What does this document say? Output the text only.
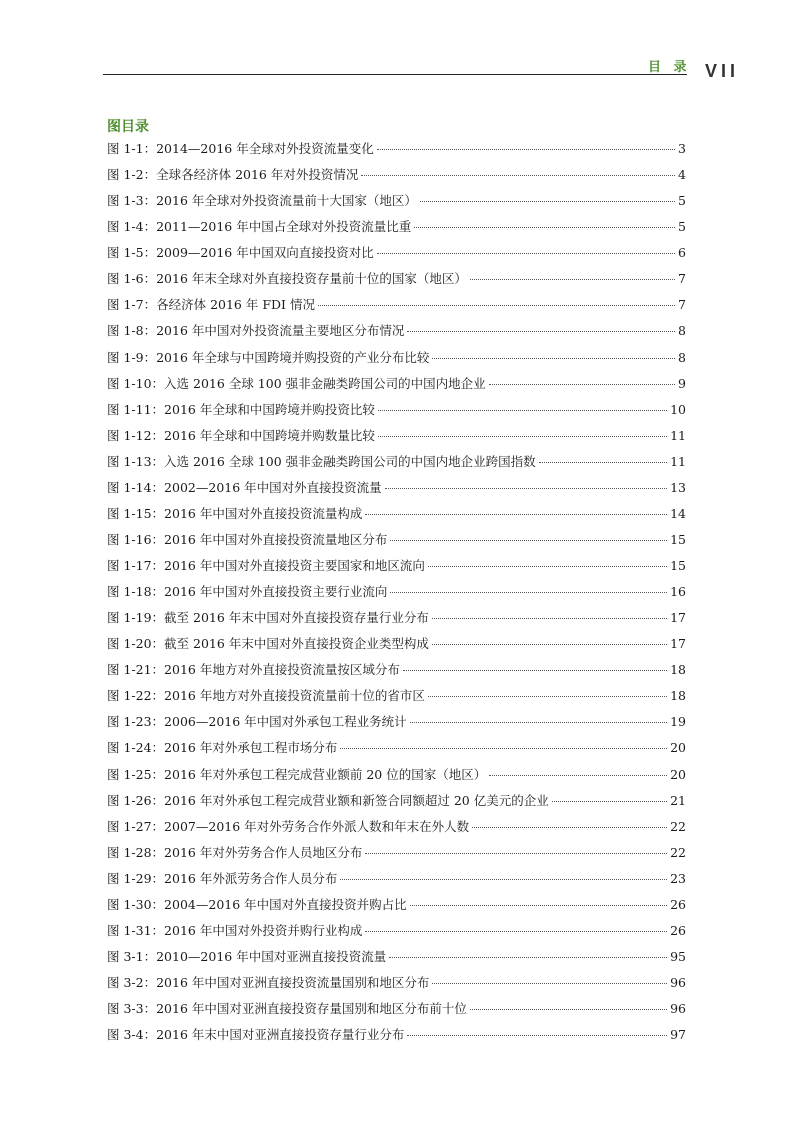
目 录 VII
图目录
图 1-1：2014—2016 年全球对外投资流量变化	3
图 1-2：全球各经济体 2016 年对外投资情况	4
图 1-3：2016 年全球对外投资流量前十大国家（地区）	5
图 1-4：2011—2016 年中国占全球对外投资流量比重	5
图 1-5：2009—2016 年中国双向直接投资对比	6
图 1-6：2016 年末全球对外直接投资存量前十位的国家（地区）	7
图 1-7：各经济体 2016 年 FDI 情况	7
图 1-8：2016 年中国对外投资流量主要地区分布情况	8
图 1-9：2016 年全球与中国跨境并购投资的产业分布比较	8
图 1-10：入选 2016 全球 100 强非金融类跨国公司的中国内地企业	9
图 1-11：2016 年全球和中国跨境并购投资比较	10
图 1-12：2016 年全球和中国跨境并购数量比较	11
图 1-13：入选 2016 全球 100 强非金融类跨国公司的中国内地企业跨国指数	11
图 1-14：2002—2016 年中国对外直接投资流量	13
图 1-15：2016 年中国对外直接投资流量构成	14
图 1-16：2016 年中国对外直接投资流量地区分布	15
图 1-17：2016 年中国对外直接投资主要国家和地区流向	15
图 1-18：2016 年中国对外直接投资主要行业流向	16
图 1-19：截至 2016 年末中国对外直接投资存量行业分布	17
图 1-20：截至 2016 年末中国对外直接投资企业类型构成	17
图 1-21：2016 年地方对外直接投资流量按区域分布	18
图 1-22：2016 年地方对外直接投资流量前十位的省市区	18
图 1-23：2006—2016 年中国对外承包工程业务统计	19
图 1-24：2016 年对外承包工程市场分布	20
图 1-25：2016 年对外承包工程完成营业额前 20 位的国家（地区）	20
图 1-26：2016 年对外承包工程完成营业额和新签合同额超过 20 亿美元的企业	21
图 1-27：2007—2016 年对外劳务合作外派人数和年末在外人数	22
图 1-28：2016 年对外劳务合作人员地区分布	22
图 1-29：2016 年外派劳务合作人员分布	23
图 1-30：2004—2016 年中国对外直接投资并购占比	26
图 1-31：2016 年中国对外投资并购行业构成	26
图 3-1：2010—2016 年中国对亚洲直接投资流量	95
图 3-2：2016 年中国对亚洲直接投资流量国别和地区分布	96
图 3-3：2016 年中国对亚洲直接投资存量国别和地区分布前十位	96
图 3-4：2016 年末中国对亚洲直接投资存量行业分布	97
